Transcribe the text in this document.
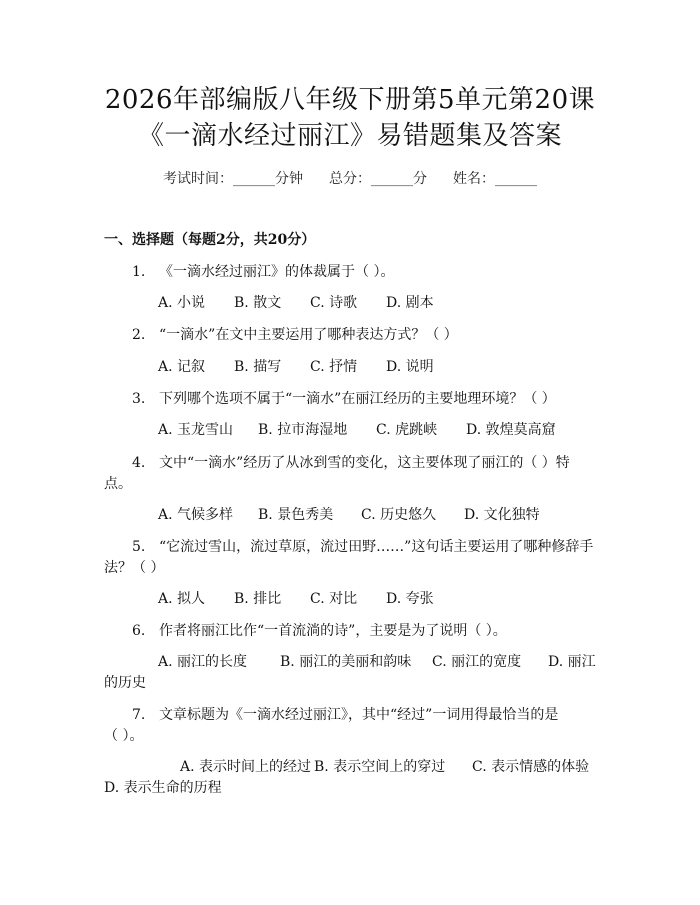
2026年部编版八年级下册第5单元第20课
《一滴水经过丽江》易错题集及答案
考试时间：______分钟 总分：______分 姓名：______
一、选择题（每题2分，共20分）
1. 《一滴水经过丽江》的体裁属于（ ）。
A. 小说 B. 散文 C. 诗歌 D. 剧本
2. “一滴水”在文中主要运用了哪种表达方式？（ ）
A. 记叙 B. 描写 C. 抒情 D. 说明
3. 下列哪个选项不属于“一滴水”在丽江经历的主要地理环境？（ ）
A. 玉龙雪山 B. 拉市海湿地 C. 虎跳峡 D. 敦煌莫高窟
4. 文中“一滴水”经历了从冰到雪的变化，这主要体现了丽江的（ ）特
点。
A. 气候多样 B. 景色秀美 C. 历史悠久 D. 文化独特
5. “它流过雪山，流过草原，流过田野……”这句话主要运用了哪种修辞手
法？（ ）
A. 拟人 B. 排比 C. 对比 D. 夸张
6. 作者将丽江比作“一首流淌的诗”，主要是为了说明（ ）。
A. 丽江的长度 B. 丽江的美丽和韵味 C. 丽江的宽度 D. 丽江
的历史
7. 文章标题为《一滴水经过丽江》，其中“经过”一词用得最恰当的是
（ ）。
A. 表示时间上的经过 B. 表示空间上的穿过 C. 表示情感的体验
D. 表示生命的历程
